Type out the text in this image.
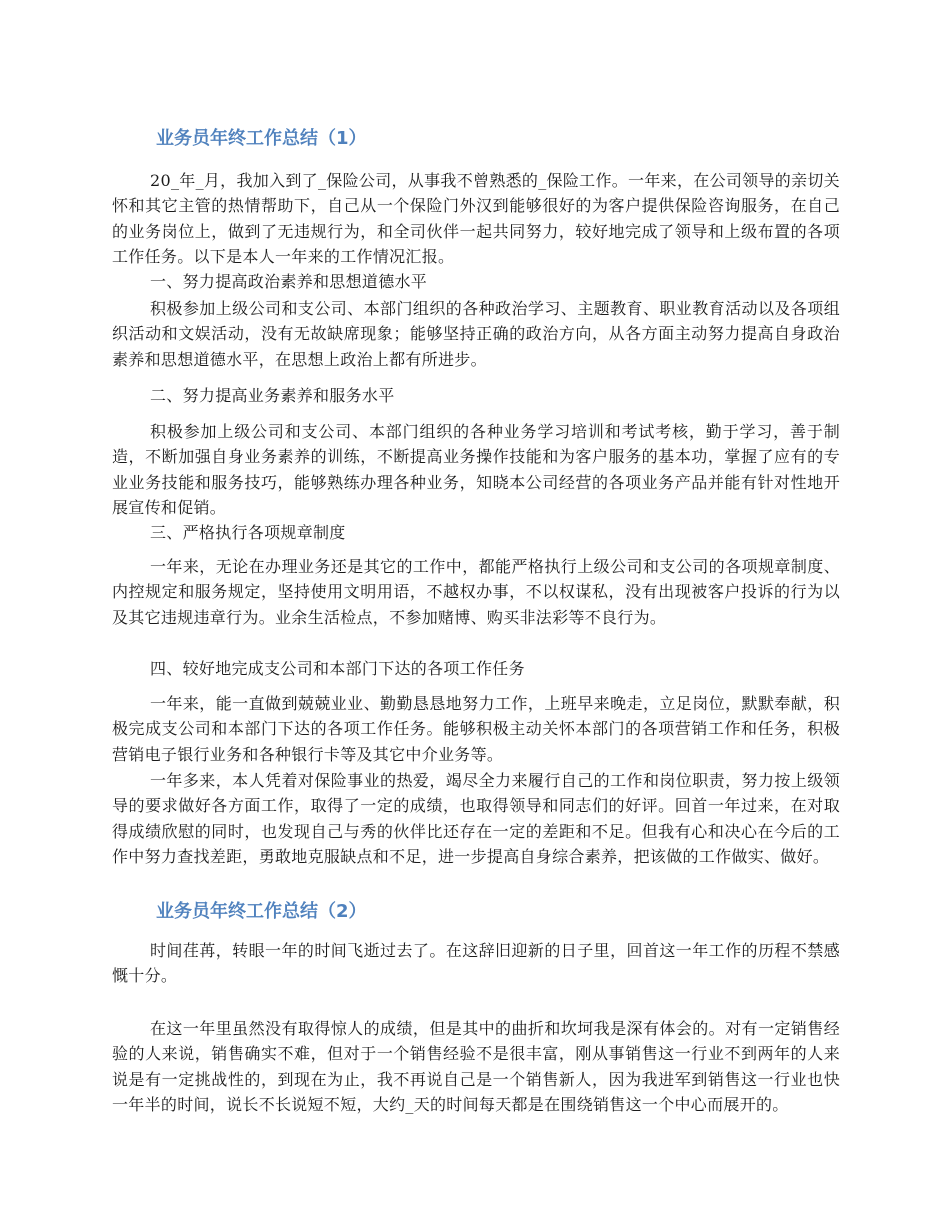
业务员年终工作总结（1）

20_年_月，我加入到了_保险公司，从事我不曾熟悉的_保险工作。一年来，在公司领导的亲切关怀和其它主管的热情帮助下，自己从一个保险门外汉到能够很好的为客户提供保险咨询服务，在自己的业务岗位上，做到了无违规行为，和全司伙伴一起共同努力，较好地完成了领导和上级布置的各项工作任务。以下是本人一年来的工作情况汇报。

一、努力提高政治素养和思想道德水平

积极参加上级公司和支公司、本部门组织的各种政治学习、主题教育、职业教育活动以及各项组织活动和文娱活动，没有无故缺席现象；能够坚持正确的政治方向，从各方面主动努力提高自身政治素养和思想道德水平，在思想上政治上都有所进步。

二、努力提高业务素养和服务水平

积极参加上级公司和支公司、本部门组织的各种业务学习培训和考试考核，勤于学习，善于制造，不断加强自身业务素养的训练，不断提高业务操作技能和为客户服务的基本功，掌握了应有的专业业务技能和服务技巧，能够熟练办理各种业务，知晓本公司经营的各项业务产品并能有针对性地开展宣传和促销。

三、严格执行各项规章制度

一年来，无论在办理业务还是其它的工作中，都能严格执行上级公司和支公司的各项规章制度、内控规定和服务规定，坚持使用文明用语，不越权办事，不以权谋私，没有出现被客户投诉的行为以及其它违规违章行为。业余生活检点，不参加赌博、购买非法彩等不良行为。

四、较好地完成支公司和本部门下达的各项工作任务

一年来，能一直做到兢兢业业、勤勤恳恳地努力工作，上班早来晚走，立足岗位，默默奉献，积极完成支公司和本部门下达的各项工作任务。能够积极主动关怀本部门的各项营销工作和任务，积极营销电子银行业务和各种银行卡等及其它中介业务等。

一年多来，本人凭着对保险事业的热爱，竭尽全力来履行自己的工作和岗位职责，努力按上级领导的要求做好各方面工作，取得了一定的成绩，也取得领导和同志们的好评。回首一年过来，在对取得成绩欣慰的同时，也发现自己与秀的伙伴比还存在一定的差距和不足。但我有心和决心在今后的工作中努力查找差距，勇敢地克服缺点和不足，进一步提高自身综合素养，把该做的工作做实、做好。

业务员年终工作总结（2）

时间荏苒，转眼一年的时间飞逝过去了。在这辞旧迎新的日子里，回首这一年工作的历程不禁感慨十分。

在这一年里虽然没有取得惊人的成绩，但是其中的曲折和坎坷我是深有体会的。对有一定销售经验的人来说，销售确实不难，但对于一个销售经验不是很丰富，刚从事销售这一行业不到两年的人来说是有一定挑战性的，到现在为止，我不再说自己是一个销售新人，因为我进军到销售这一行业也快一年半的时间，说长不长说短不短，大约_天的时间每天都是在围绕销售这一个中心而展开的。
